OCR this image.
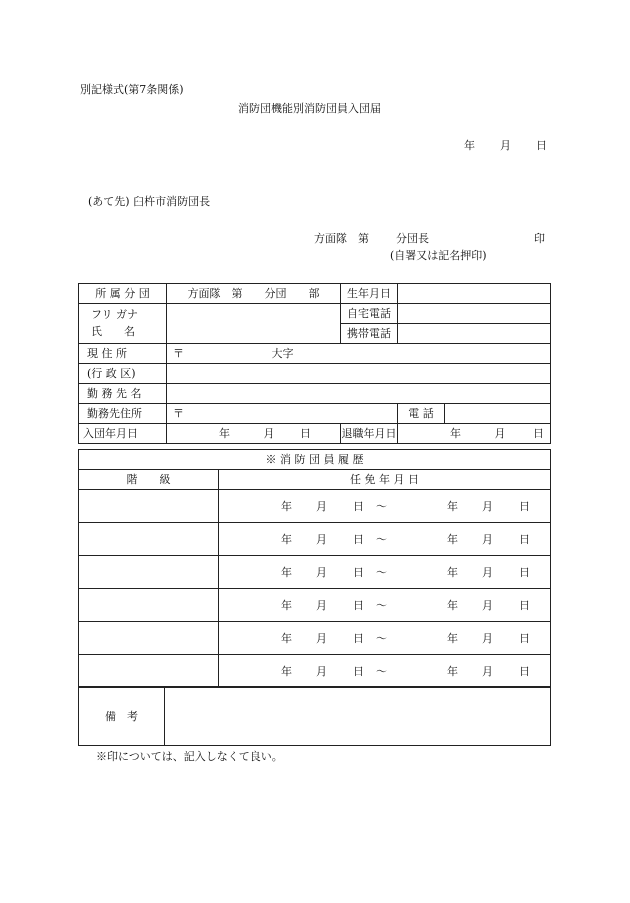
別記様式(第7条関係)
消防団機能別消防団員入団届
年 月 日
(あて先) 臼杵市消防団長
方面隊　第 分団長	印
(自署又は記名押印)
所 属 分 団	方面隊　第　　分団　　部	生年月日		

フリ ガナ
氏　　名		自宅電話		
		携帯電話		
現 住 所	〒 大字			
(行 政 区)				
勤 務 先 名				
勤務先住所	〒		電 話	
入団年月日	年 月 日	退職年月日	年 月 日	
※ 消 防 団 員 履 歴	
階　　級	任 免 年 月 日
	年 月 日 ～ 年 月 日
	年 月 日 ～ 年 月 日
	年 月 日 ～ 年 月 日
	年 月 日 ～ 年 月 日
	年 月 日 ～ 年 月 日
	年 月 日 ～ 年 月 日
備　考	
※印については、記入しなくて良い。
